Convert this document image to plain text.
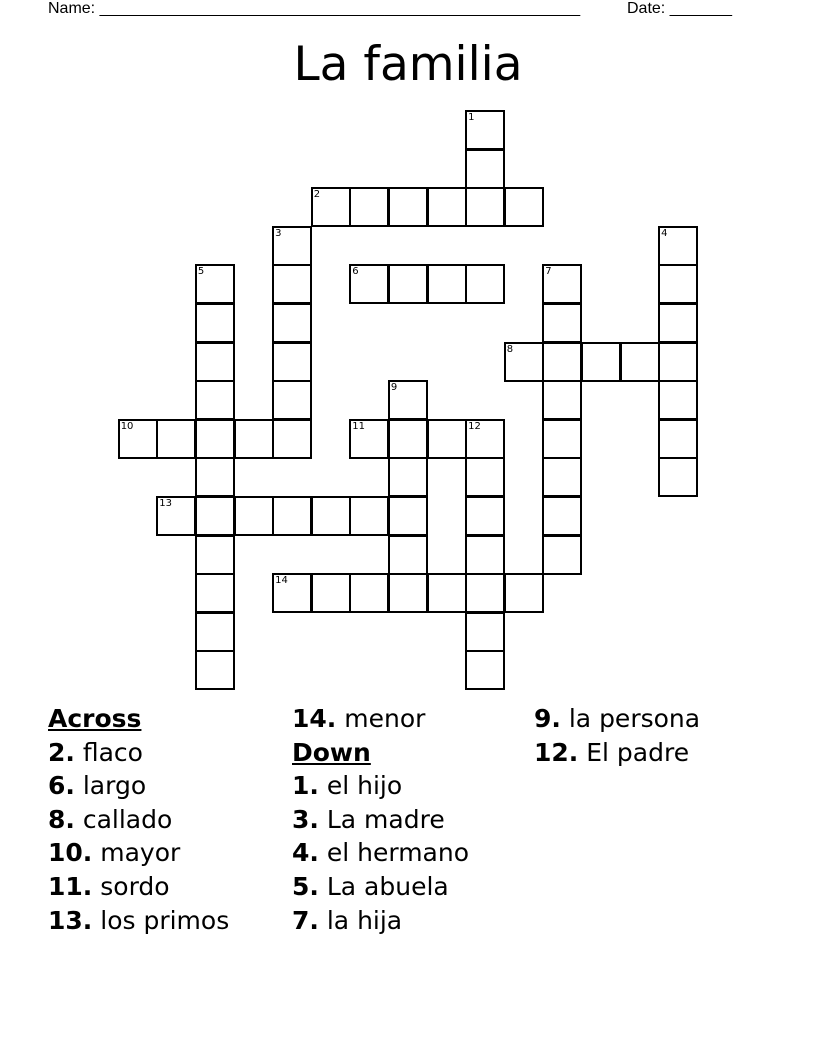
Name: ______________________________________________________	Date: _______
La familia
1
2
3	4
5	6	7
8
9
10	11	12
13
14
Across
2. flaco
6. largo
8. callado
10. mayor
11. sordo
13. los primos
14. menor
Down
1. el hijo
3. La madre
4. el hermano
5. La abuela
7. la hija
9. la persona
12. El padre
